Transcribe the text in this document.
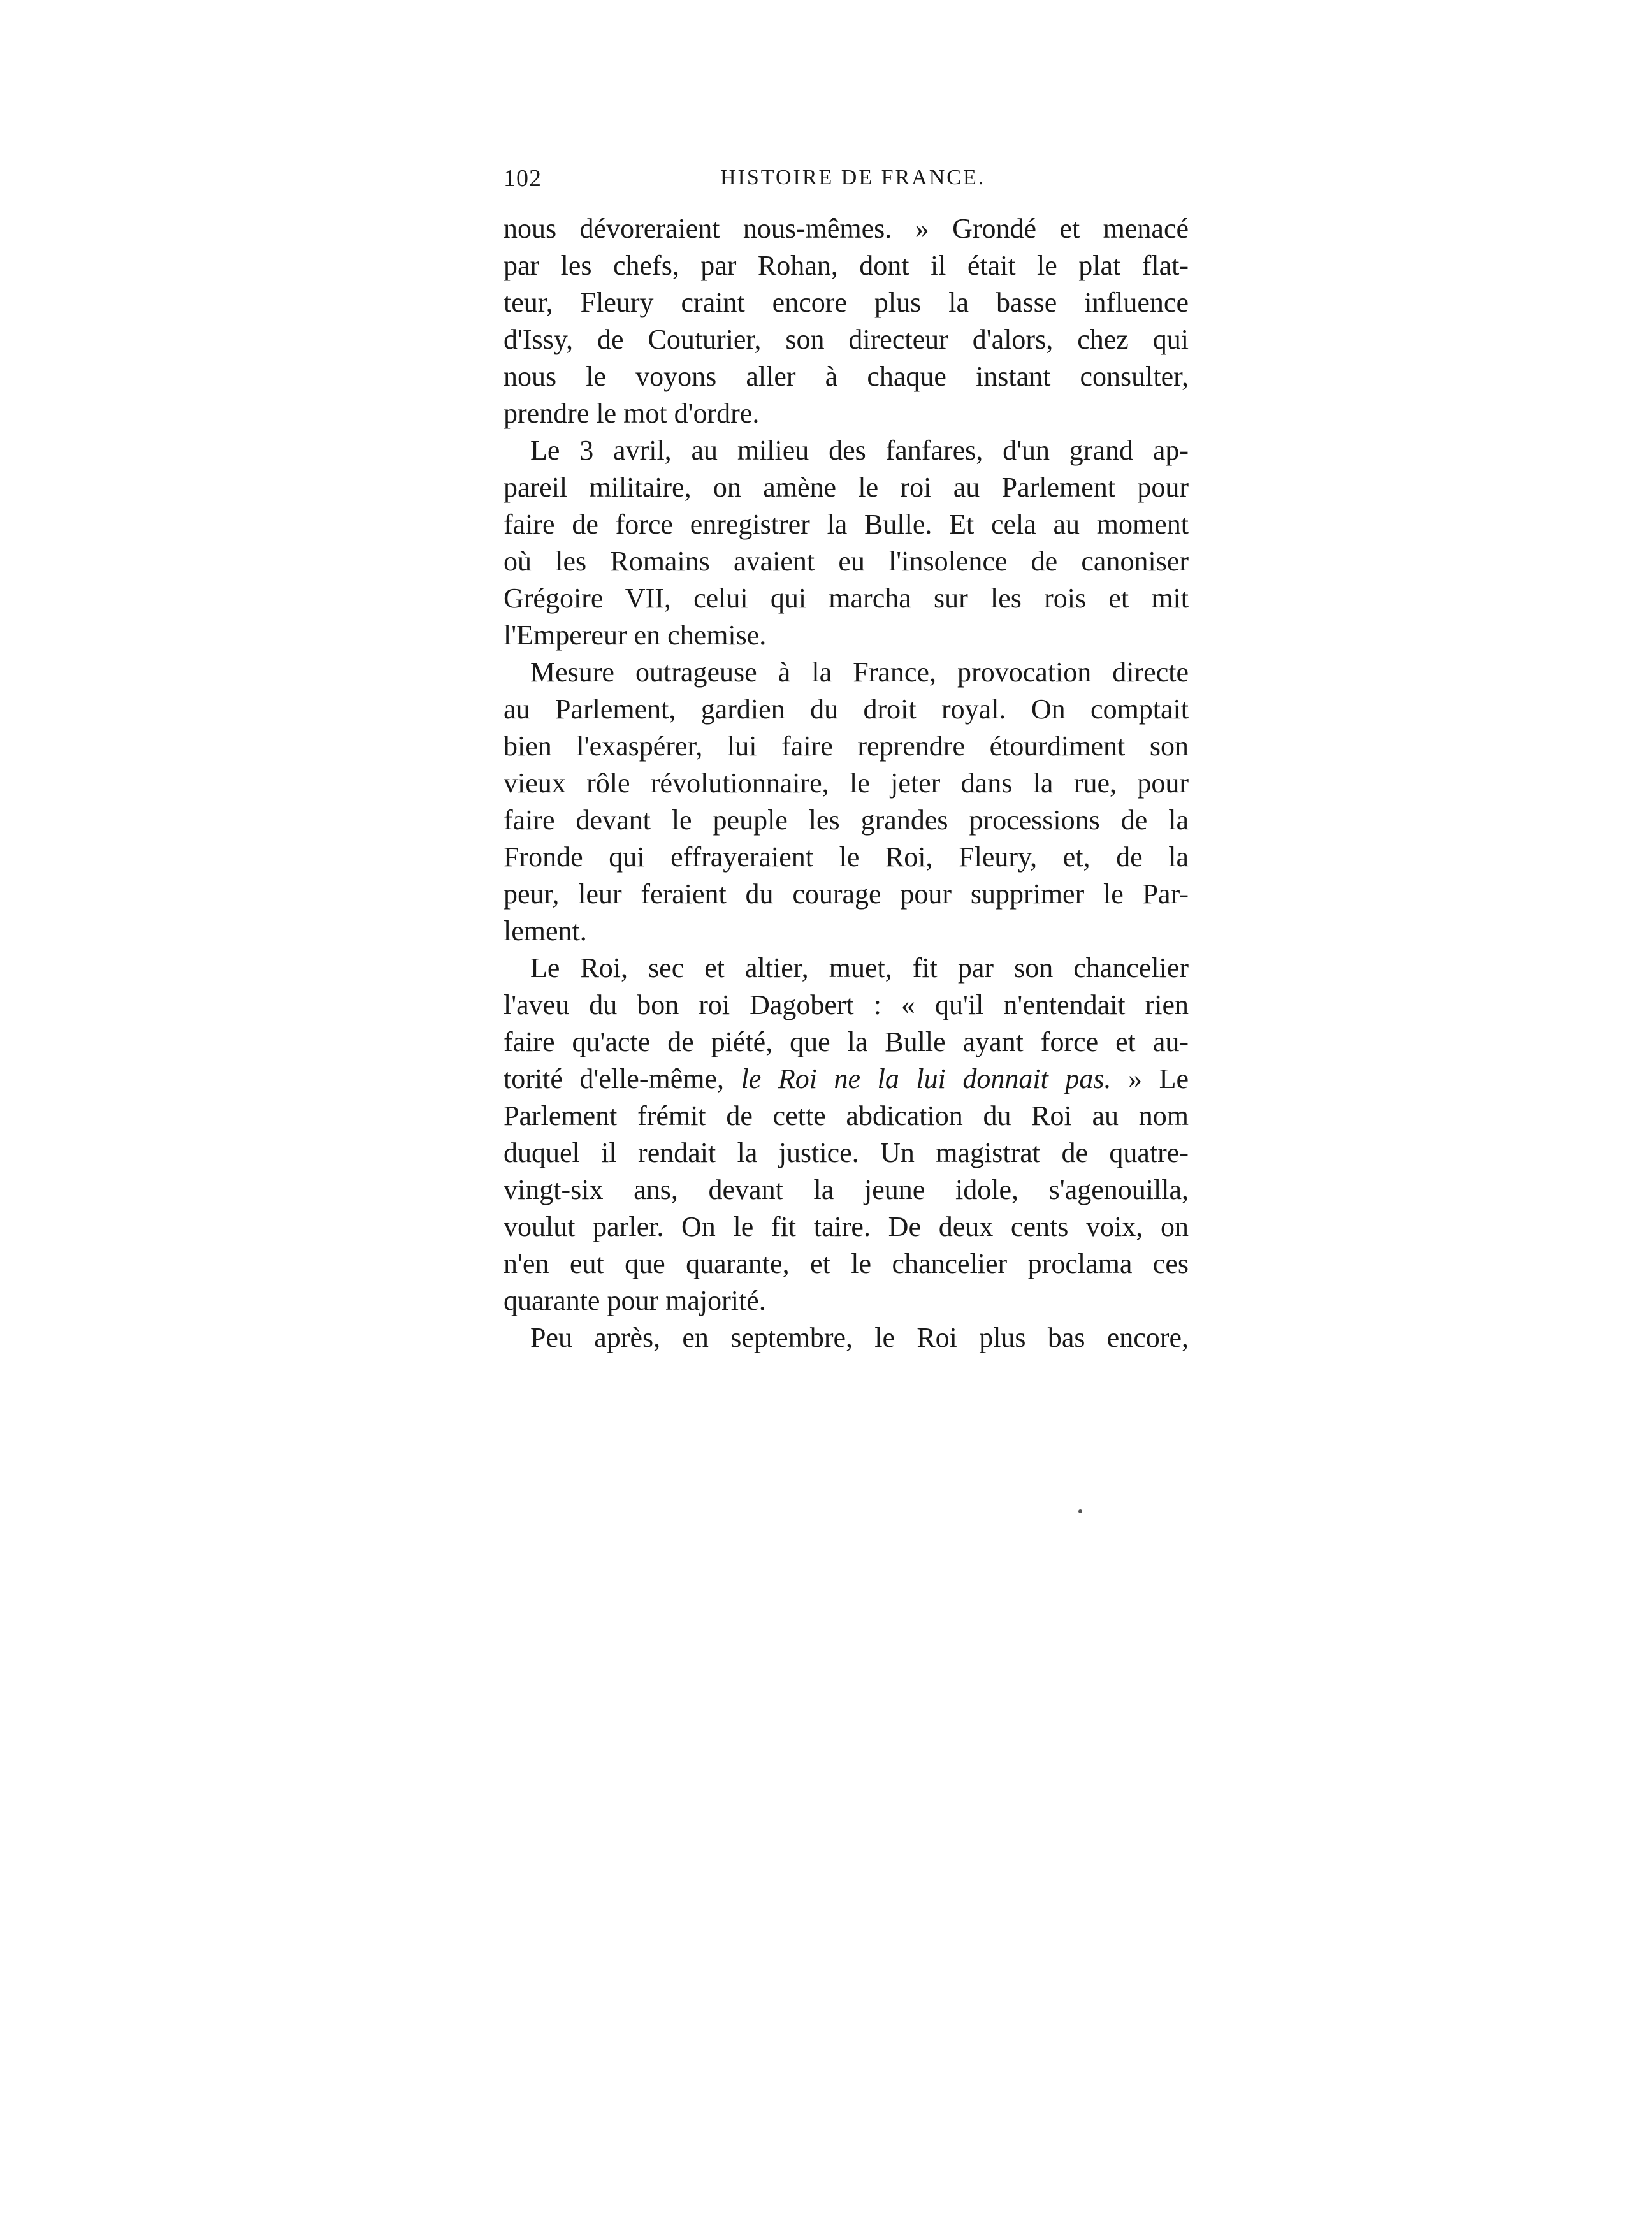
102	HISTOIRE DE FRANCE.

nous dévoreraient nous-mêmes. » Grondé et menacé

par les chefs, par Rohan, dont il était le plat flat-

teur, Fleury craint encore plus la basse influence

d'Issy, de Couturier, son directeur d'alors, chez qui

nous le voyons aller à chaque instant consulter,

prendre le mot d'ordre.

Le 3 avril, au milieu des fanfares, d'un grand ap-

pareil militaire, on amène le roi au Parlement pour

faire de force enregistrer la Bulle. Et cela au moment

où les Romains avaient eu l'insolence de canoniser

Grégoire VII, celui qui marcha sur les rois et mit

l'Empereur en chemise.

Mesure outrageuse à la France, provocation directe

au Parlement, gardien du droit royal. On comptait

bien l'exaspérer, lui faire reprendre étourdiment son

vieux rôle révolutionnaire, le jeter dans la rue, pour

faire devant le peuple les grandes processions de la

Fronde qui effrayeraient le Roi, Fleury, et, de la

peur, leur feraient du courage pour supprimer le Par-

lement.

Le Roi, sec et altier, muet, fit par son chancelier

l'aveu du bon roi Dagobert : « qu'il n'entendait rien

faire qu'acte de piété, que la Bulle ayant force et au-

torité d'elle-même, le Roi ne la lui donnait pas. » Le

Parlement frémit de cette abdication du Roi au nom

duquel il rendait la justice. Un magistrat de quatre-

vingt-six ans, devant la jeune idole, s'agenouilla,

voulut parler. On le fit taire. De deux cents voix, on

n'en eut que quarante, et le chancelier proclama ces

quarante pour majorité.

Peu après, en septembre, le Roi plus bas encore,
